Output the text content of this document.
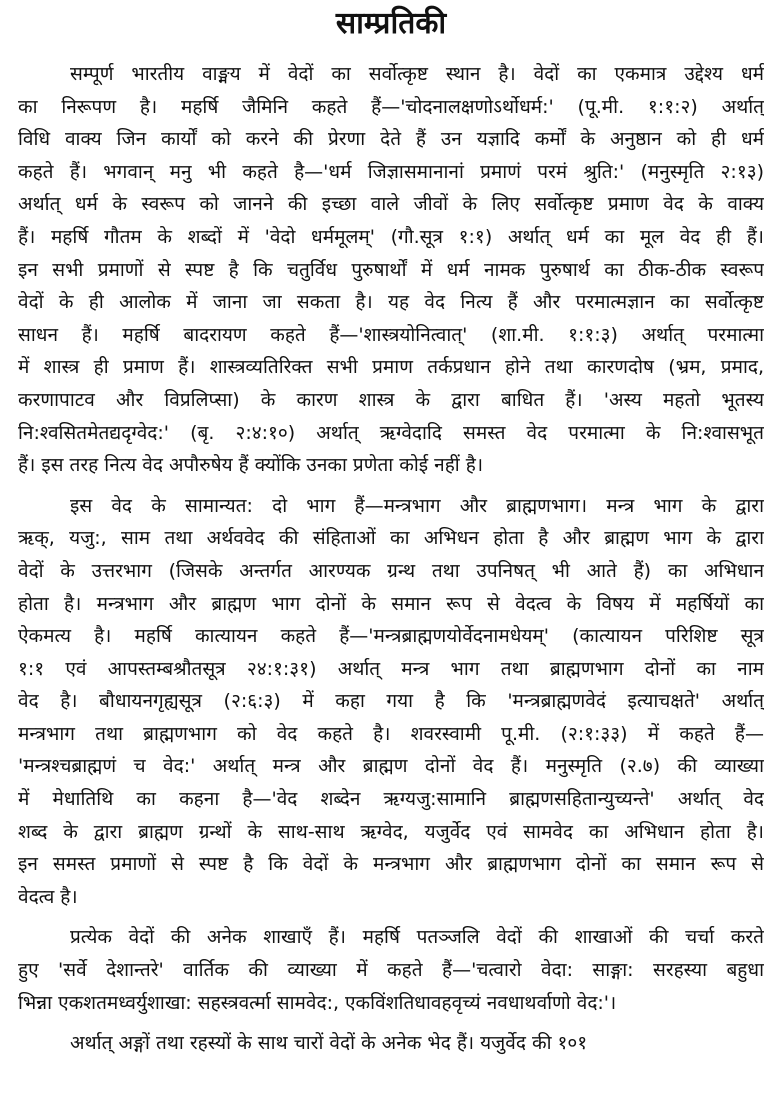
साम्प्रतिकी
सम्पूर्ण भारतीय वाङ्मय में वेदों का सर्वोत्कृष्ट स्थान है। वेदों का एकमात्र उद्देश्य धर्म
का निरूपण है। महर्षि जैमिनि कहते हैं—'चोदनालक्षणोऽर्थोधर्म:' (पू.मी. १:१:२) अर्थात्
विधि वाक्य जिन कार्यों को करने की प्रेरणा देते हैं उन यज्ञादि कर्मों के अनुष्ठान को ही धर्म
कहते हैं। भगवान् मनु भी कहते है—'धर्म जिज्ञासमानानां प्रमाणं परमं श्रुति:' (मनुस्मृति २:१३)
अर्थात् धर्म के स्वरूप को जानने की इच्छा वाले जीवों के लिए सर्वोत्कृष्ट प्रमाण वेद के वाक्य
हैं। महर्षि गौतम के शब्दों में 'वेदो धर्ममूलम्' (गौ.सूत्र १:१) अर्थात् धर्म का मूल वेद ही हैं।
इन सभी प्रमाणों से स्पष्ट है कि चतुर्विध पुरुषार्थों में धर्म नामक पुरुषार्थ का ठीक-ठीक स्वरूप
वेदों के ही आलोक में जाना जा सकता है। यह वेद नित्य हैं और परमात्मज्ञान का सर्वोत्कृष्ट
साधन हैं। महर्षि बादरायण कहते हैं—'शास्त्रयोनित्वात्' (शा.मी. १:१:३) अर्थात् परमात्मा
में शास्त्र ही प्रमाण हैं। शास्त्रव्यतिरिक्त सभी प्रमाण तर्कप्रधान होने तथा कारणदोष (भ्रम, प्रमाद,
करणापाटव और विप्रलिप्सा) के कारण शास्त्र के द्वारा बाधित हैं। 'अस्य महतो भूतस्य
नि:श्वसितमेतद्यदृग्वेद:' (बृ. २:४:१०) अर्थात् ऋग्वेदादि समस्त वेद परमात्मा के नि:श्वासभूत
हैं। इस तरह नित्य वेद अपौरुषेय हैं क्योंकि उनका प्रणेता कोई नहीं है।
इस वेद के सामान्यत: दो भाग हैं—मन्त्रभाग और ब्राह्मणभाग। मन्त्र भाग के द्वारा
ऋक्, यजु:, साम तथा अर्थववेद की संहिताओं का अभिधन होता है और ब्राह्मण भाग के द्वारा
वेदों के उत्तरभाग (जिसके अन्तर्गत आरण्यक ग्रन्थ तथा उपनिषत् भी आते हैं) का अभिधान
होता है। मन्त्रभाग और ब्राह्मण भाग दोनों के समान रूप से वेदत्व के विषय में महर्षियों का
ऐकमत्य है। महर्षि कात्यायन कहते हैं—'मन्त्रब्राह्मणयोर्वेदनामधेयम्' (कात्यायन परिशिष्ट सूत्र
१:१ एवं आपस्तम्बश्रौतसूत्र २४:१:३१) अर्थात् मन्त्र भाग तथा ब्राह्मणभाग दोनों का नाम
वेद है। बौधायनगृह्यसूत्र (२:६:३) में कहा गया है कि 'मन्त्रब्राह्मणवेदं इत्याचक्षते' अर्थात्
मन्त्रभाग तथा ब्राह्मणभाग को वेद कहते है। शवरस्वामी पू.मी. (२:१:३३) में कहते हैं—
'मन्त्रश्चब्राह्मणं च वेद:' अर्थात् मन्त्र और ब्राह्मण दोनों वेद हैं। मनुस्मृति (२.७) की व्याख्या
में मेधातिथि का कहना है—'वेद शब्देन ऋग्यजु:सामानि ब्राह्मणसहितान्युच्यन्ते' अर्थात् वेद
शब्द के द्वारा ब्राह्मण ग्रन्थों के साथ-साथ ऋग्वेद, यजुर्वेद एवं सामवेद का अभिधान होता है।
इन समस्त प्रमाणों से स्पष्ट है कि वेदों के मन्त्रभाग और ब्राह्मणभाग दोनों का समान रूप से
वेदत्व है।
प्रत्येक वेदों की अनेक शाखाएँ हैं। महर्षि पतञ्जलि वेदों की शाखाओं की चर्चा करते
हुए 'सर्वे देशान्तरे' वार्तिक की व्याख्या में कहते हैं—'चत्वारो वेदा: साङ्गा: सरहस्या बहुधा
भिन्ना एकशतमध्वर्युशाखा: सहस्त्रवर्त्मा सामवेद:, एकविंशतिधावहवृच्यं नवधाथर्वाणो वेद:'।
अर्थात् अङ्गों तथा रहस्यों के साथ चारों वेदों के अनेक भेद हैं। यजुर्वेद की १०१
